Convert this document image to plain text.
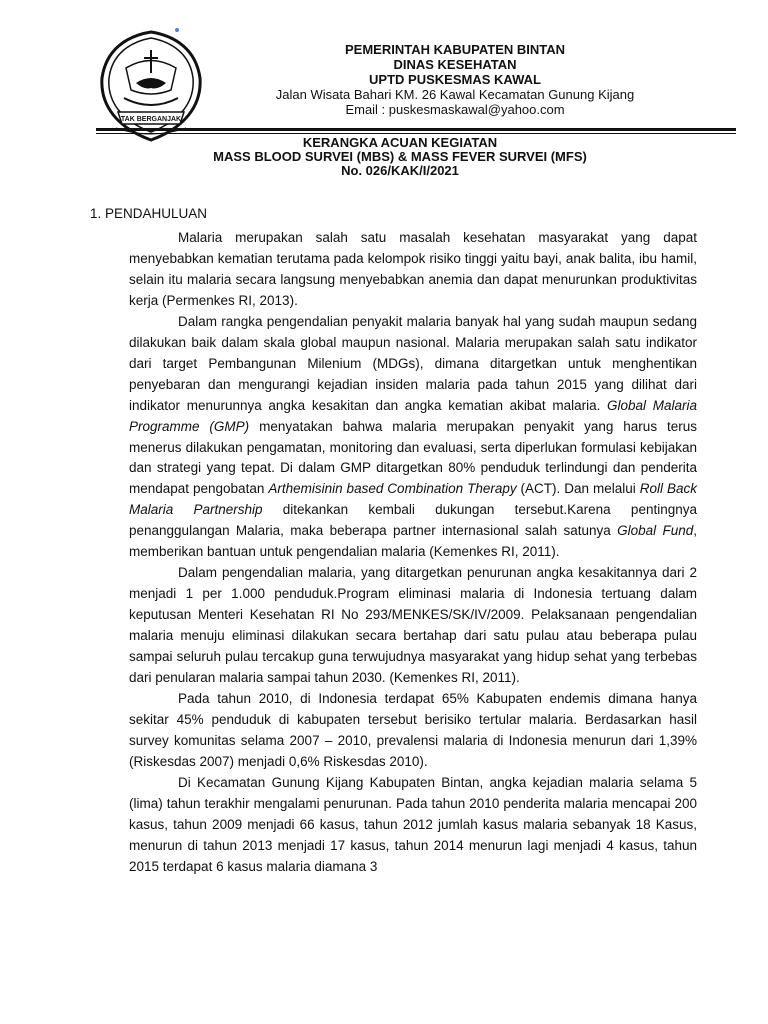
TAK BERGANJAK
PEMERINTAH KABUPATEN BINTAN
DINAS KESEHATAN
UPTD PUSKESMAS KAWAL
Jalan Wisata Bahari KM. 26 Kawal Kecamatan Gunung Kijang
Email : puskesmaskawal@yahoo.com
KERANGKA ACUAN KEGIATAN
MASS BLOOD SURVEI (MBS) & MASS FEVER SURVEI (MFS)
No. 026/KAK/I/2021
1. PENDAHULUAN

Malaria merupakan salah satu masalah kesehatan masyarakat yang dapat menyebabkan kematian terutama pada kelompok risiko tinggi yaitu bayi, anak balita, ibu hamil, selain itu malaria secara langsung menyebabkan anemia dan dapat menurunkan produktivitas kerja (Permenkes RI, 2013).

Dalam rangka pengendalian penyakit malaria banyak hal yang sudah maupun sedang dilakukan baik dalam skala global maupun nasional. Malaria merupakan salah satu indikator dari target Pembangunan Milenium (MDGs), dimana ditargetkan untuk menghentikan penyebaran dan mengurangi kejadian insiden malaria pada tahun 2015 yang dilihat dari indikator menurunnya angka kesakitan dan angka kematian akibat malaria. Global Malaria Programme (GMP) menyatakan bahwa malaria merupakan penyakit yang harus terus menerus dilakukan pengamatan, monitoring dan evaluasi, serta diperlukan formulasi kebijakan dan strategi yang tepat. Di dalam GMP ditargetkan 80% penduduk terlindungi dan penderita mendapat pengobatan Arthemisinin based Combination Therapy (ACT). Dan melalui Roll Back Malaria Partnership ditekankan kembali dukungan tersebut.Karena pentingnya penanggulangan Malaria, maka beberapa partner internasional salah satunya Global Fund, memberikan bantuan untuk pengendalian malaria (Kemenkes RI, 2011).

Dalam pengendalian malaria, yang ditargetkan penurunan angka kesakitannya dari 2 menjadi 1 per 1.000 penduduk.Program eliminasi malaria di Indonesia tertuang dalam keputusan Menteri Kesehatan RI No 293/MENKES/SK/IV/2009. Pelaksanaan pengendalian malaria menuju eliminasi dilakukan secara bertahap dari satu pulau atau beberapa pulau sampai seluruh pulau tercakup guna terwujudnya masyarakat yang hidup sehat yang terbebas dari penularan malaria sampai tahun 2030. (Kemenkes RI, 2011).

Pada tahun 2010, di Indonesia terdapat 65% Kabupaten endemis dimana hanya sekitar 45% penduduk di kabupaten tersebut berisiko tertular malaria. Berdasarkan hasil survey komunitas selama 2007 – 2010, prevalensi malaria di Indonesia menurun dari 1,39% (Riskesdas 2007) menjadi 0,6% Riskesdas 2010).

Di Kecamatan Gunung Kijang Kabupaten Bintan, angka kejadian malaria selama 5 (lima) tahun terakhir mengalami penurunan. Pada tahun 2010 penderita malaria mencapai 200 kasus, tahun 2009 menjadi 66 kasus, tahun 2012 jumlah kasus malaria sebanyak 18 Kasus, menurun di tahun 2013 menjadi 17 kasus, tahun 2014 menurun lagi menjadi 4 kasus, tahun 2015 terdapat 6 kasus malaria diamana 3
